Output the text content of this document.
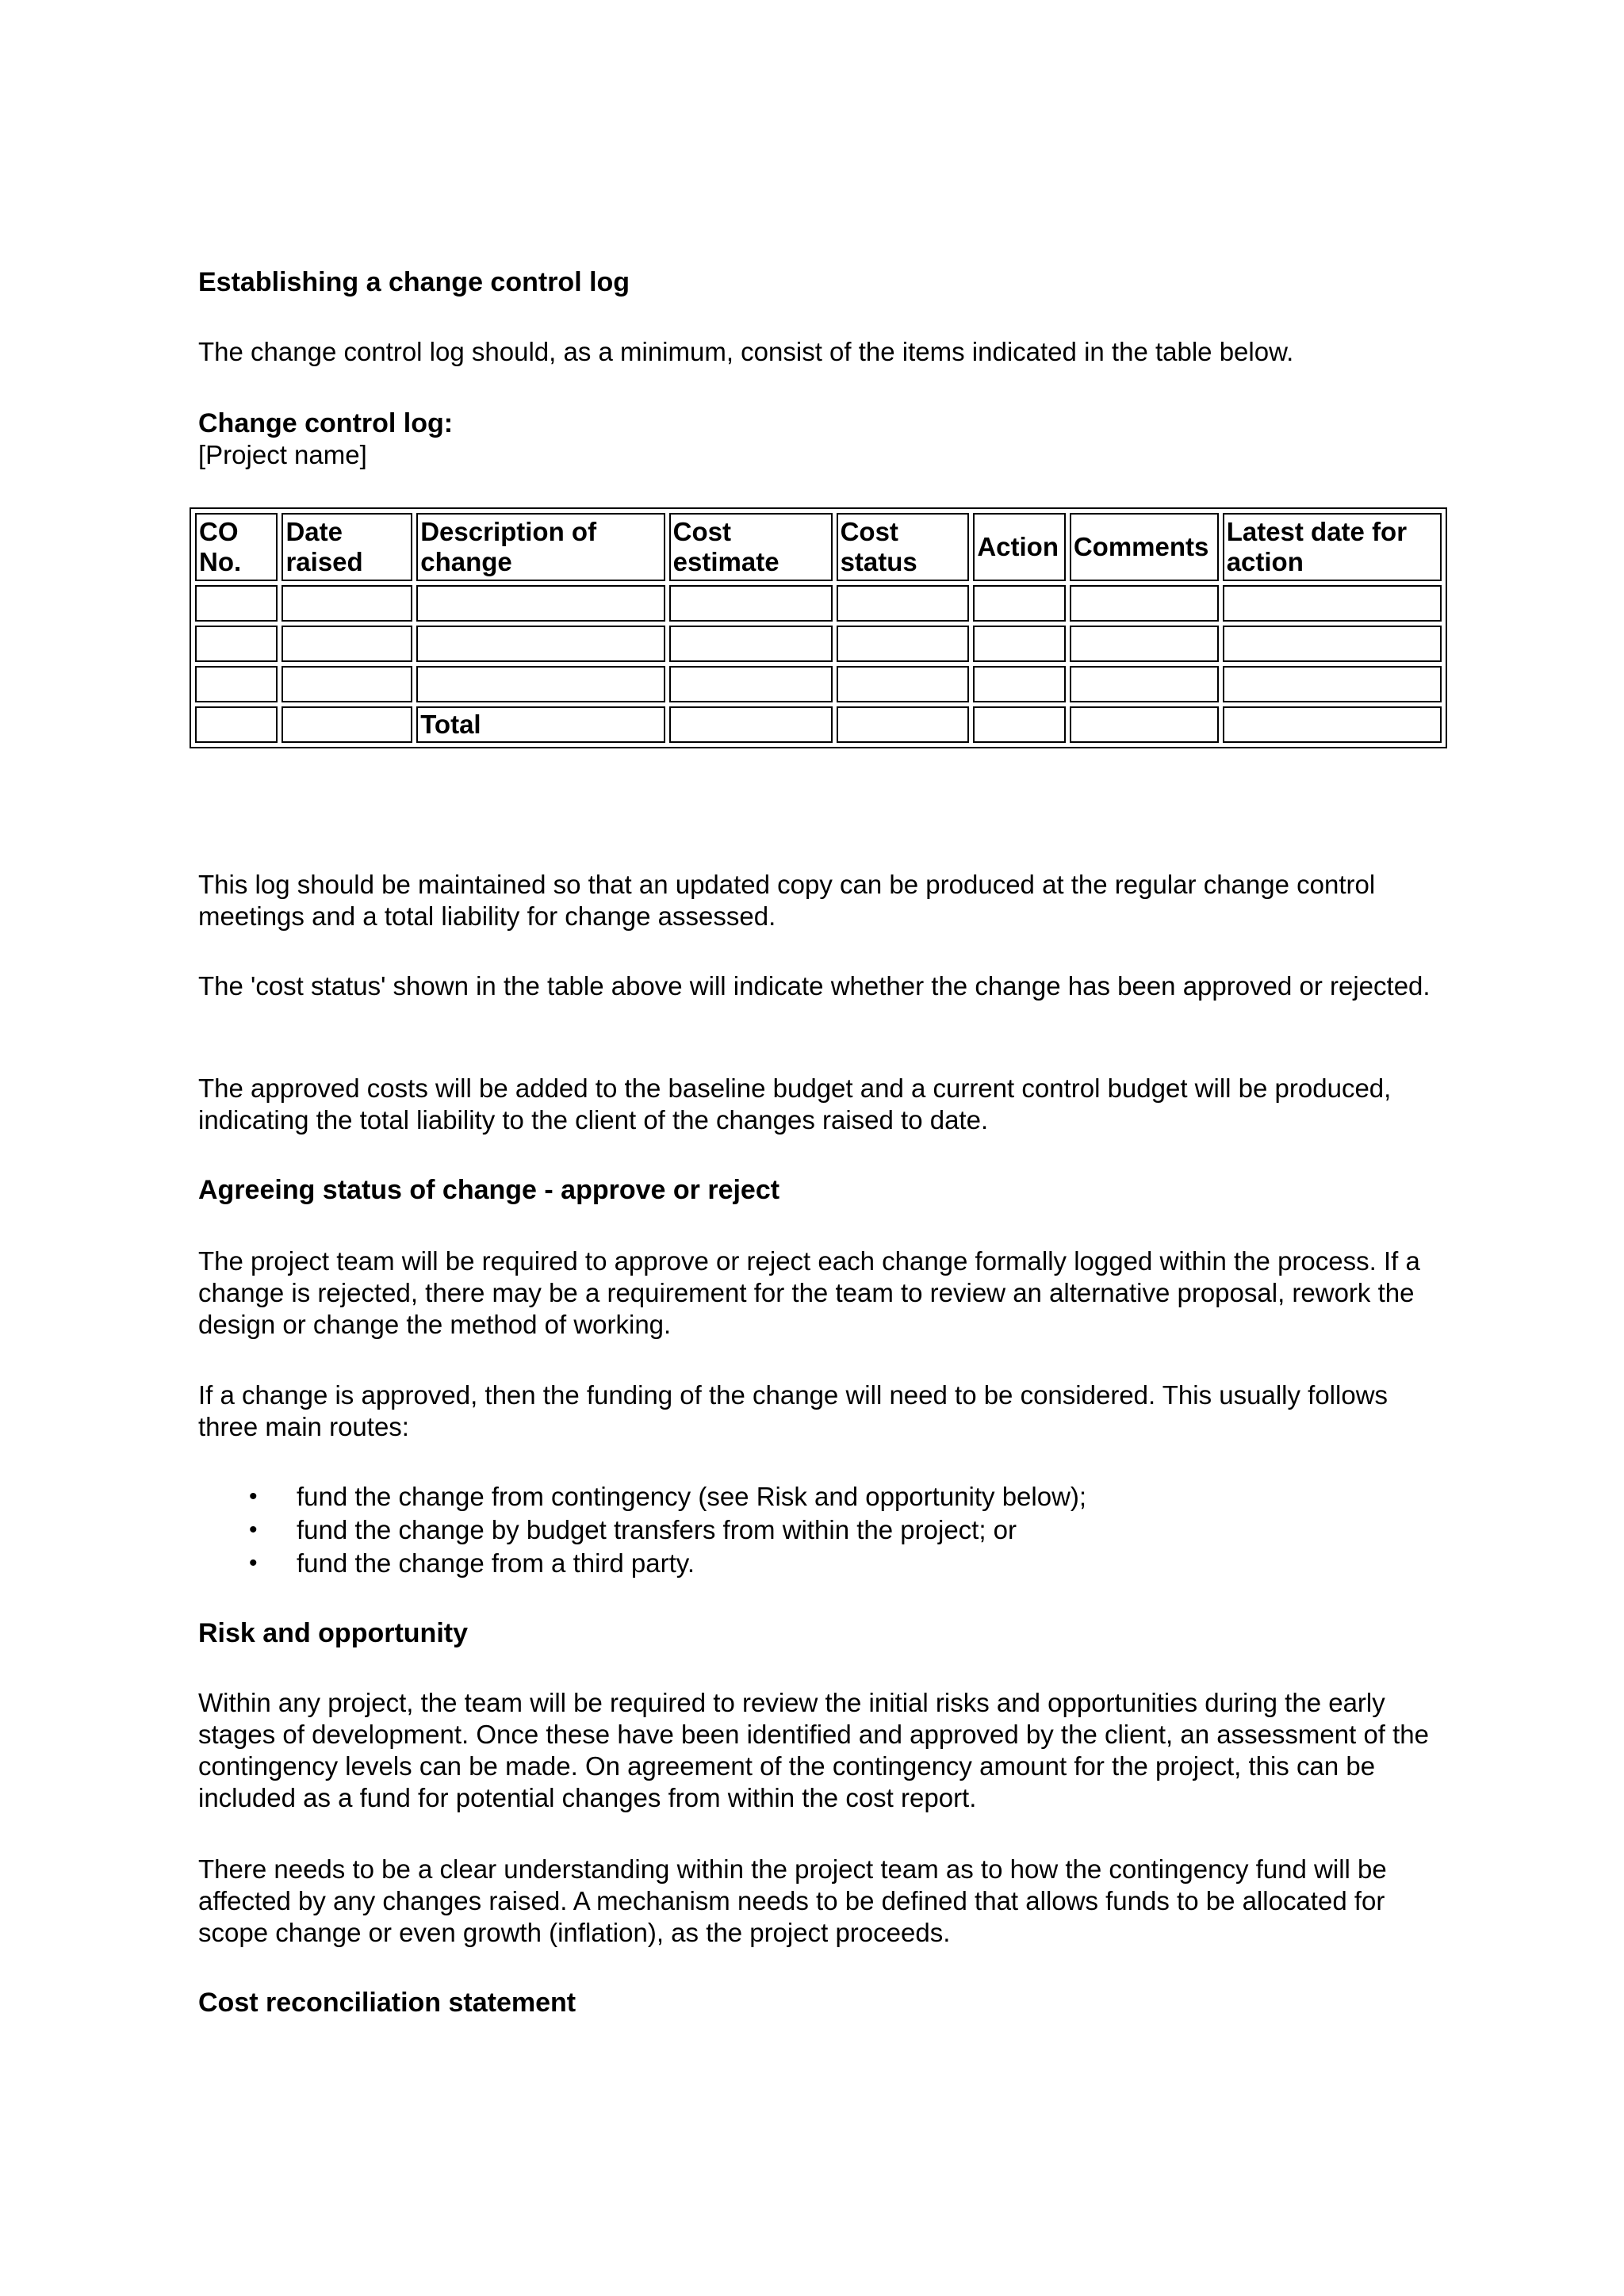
Establishing a change control log

The change control log should, as a minimum, consist of the items indicated in the table below.

Change control log:

[Project name]

CO No.	Date raised	Description of change	Cost estimate	Cost status	Action	Comments	Latest date for action

		Total					

This log should be maintained so that an updated copy can be produced at the regular change control meetings and a total liability for change assessed.

The 'cost status' shown in the table above will indicate whether the change has been approved or rejected.

The approved costs will be added to the baseline budget and a current control budget will be produced, indicating the total liability to the client of the changes raised to date.

Agreeing status of change - approve or reject

The project team will be required to approve or reject each change formally logged within the process. If a change is rejected, there may be a requirement for the team to review an alternative proposal, rework the design or change the method of working.

If a change is approved, then the funding of the change will need to be considered. This usually follows three main routes:

• fund the change from contingency (see Risk and opportunity below);
• fund the change by budget transfers from within the project; or
• fund the change from a third party.
Risk and opportunity

Within any project, the team will be required to review the initial risks and opportunities during the early stages of development. Once these have been identified and approved by the client, an assessment of the contingency levels can be made. On agreement of the contingency amount for the project, this can be included as a fund for potential changes from within the cost report.

There needs to be a clear understanding within the project team as to how the contingency fund will be affected by any changes raised. A mechanism needs to be defined that allows funds to be allocated for scope change or even growth (inflation), as the project proceeds.

Cost reconciliation statement
